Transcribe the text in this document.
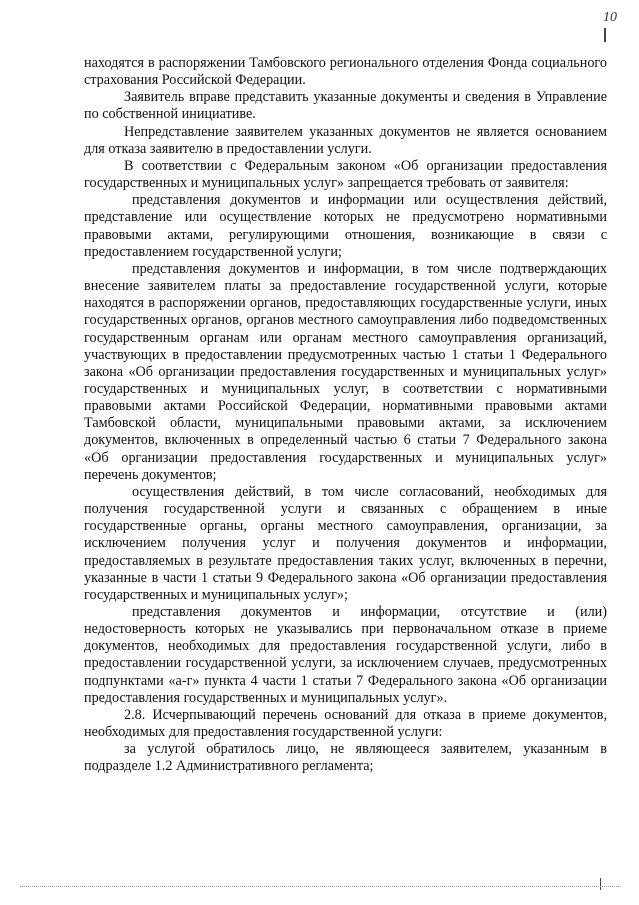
10

находятся в распоряжении Тамбовского регионального отделения Фонда социального страхования Российской Федерации.

Заявитель вправе представить указанные документы и сведения в Управление по собственной инициативе.

Непредставление заявителем указанных документов не является основанием для отказа заявителю в предоставлении услуги.

В соответствии с Федеральным законом «Об организации предоставления государственных и муниципальных услуг» запрещается требовать от заявителя:

представления документов и информации или осуществления действий, представление или осуществление которых не предусмотрено нормативными правовыми актами, регулирующими отношения, возникающие в связи с предоставлением государственной услуги;

представления документов и информации, в том числе подтверждающих внесение заявителем платы за предоставление государственной услуги, которые находятся в распоряжении органов, предоставляющих государственные услуги, иных государственных органов, органов местного самоуправления либо подведомственных государственным органам или органам местного самоуправления организаций, участвующих в предоставлении предусмотренных частью 1 статьи 1 Федерального закона «Об организации предоставления государственных и муниципальных услуг» государственных и муниципальных услуг, в соответствии с нормативными правовыми актами Российской Федерации, нормативными правовыми актами Тамбовской области, муниципальными правовыми актами, за исключением документов, включенных в определенный частью 6 статьи 7 Федерального закона «Об организации предоставления государственных и муниципальных услуг» перечень документов;

осуществления действий, в том числе согласований, необходимых для получения государственной услуги и связанных с обращением в иные государственные органы, органы местного самоуправления, организации, за исключением получения услуг и получения документов и информации, предоставляемых в результате предоставления таких услуг, включенных в перечни, указанные в части 1 статьи 9 Федерального закона «Об организации предоставления государственных и муниципальных услуг»;

представления документов и информации, отсутствие и (или) недостоверность которых не указывались при первоначальном отказе в приеме документов, необходимых для предоставления государственной услуги, либо в предоставлении государственной услуги, за исключением случаев, предусмотренных подпунктами «а-г» пункта 4 части 1 статьи 7 Федерального закона «Об организации предоставления государственных и муниципальных услуг».

2.8. Исчерпывающий перечень оснований для отказа в приеме документов, необходимых для предоставления государственной услуги:

за услугой обратилось лицо, не являющееся заявителем, указанным в подразделе 1.2 Административного регламента;
